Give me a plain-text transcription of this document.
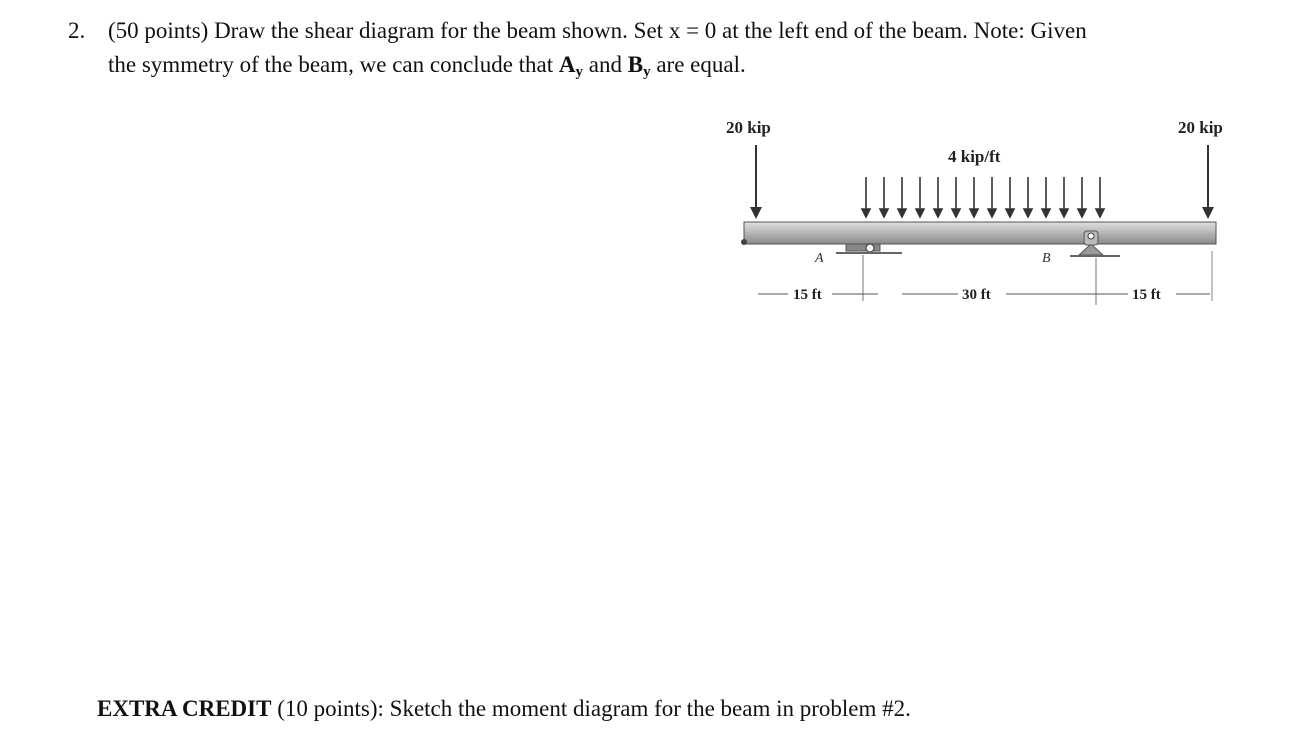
2. (50 points) Draw the shear diagram for the beam shown. Set x = 0 at the left end of the beam. Note: Given
the symmetry of the beam, we can conclude that Ay and By are equal.
20 kip	20 kip
4 kip/ft
A	B
15 ft	30 ft	15 ft
EXTRA CREDIT (10 points): Sketch the moment diagram for the beam in problem #2.
